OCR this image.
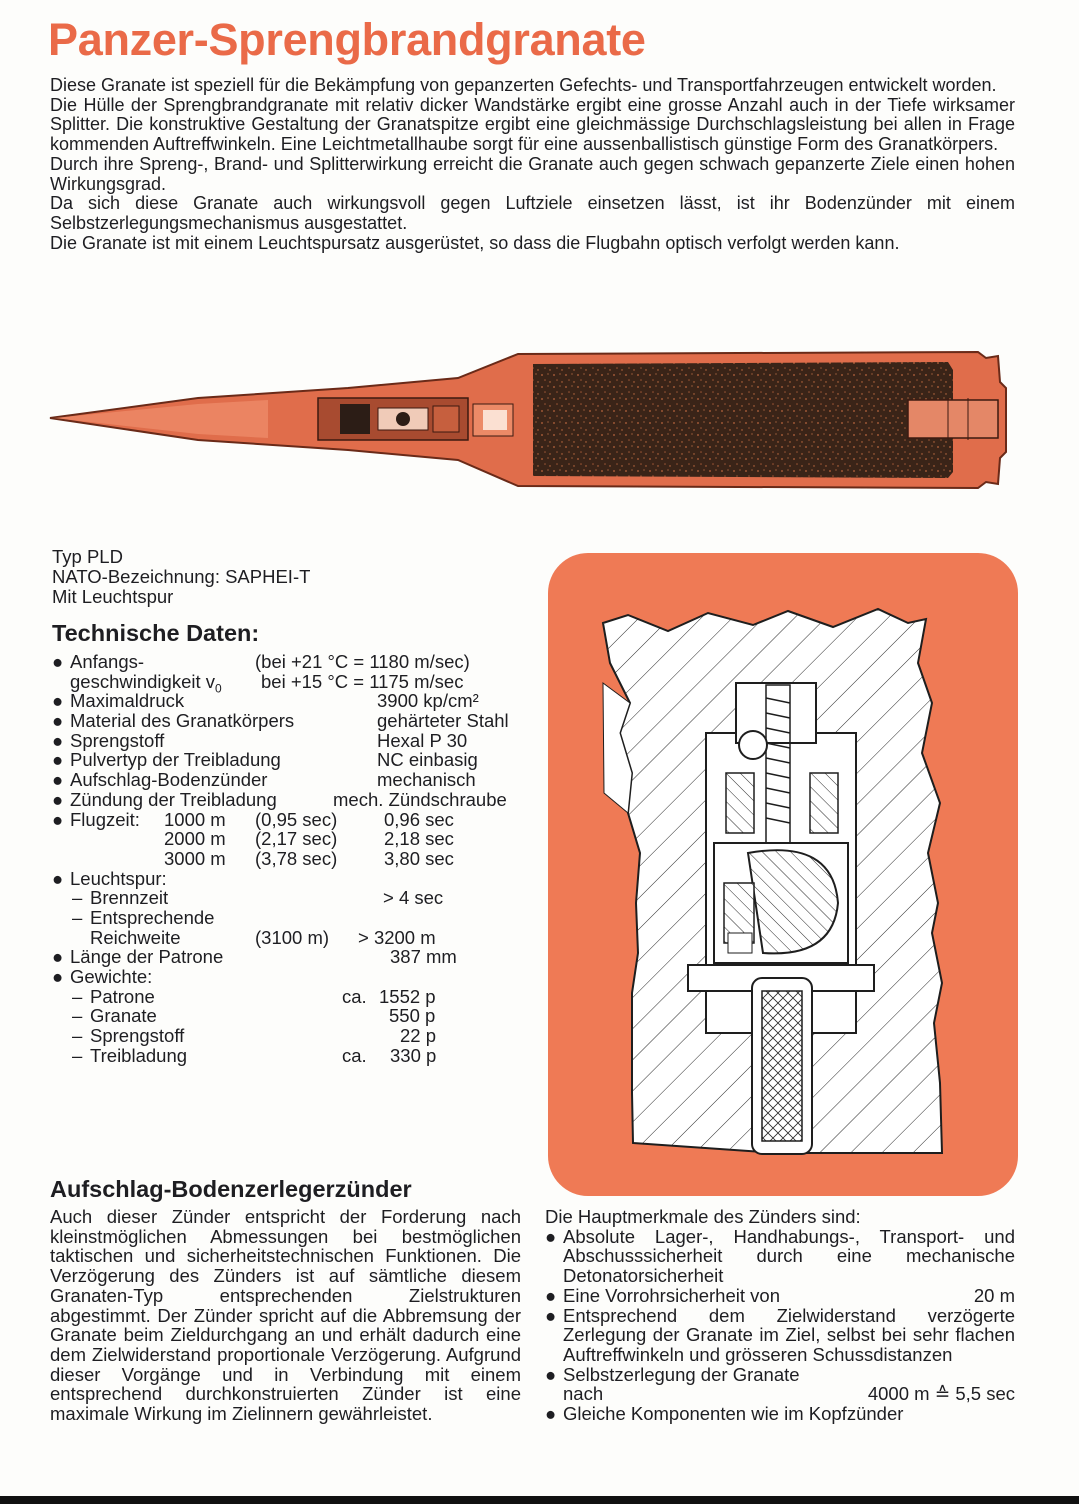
Panzer-Sprengbrandgranate

Diese Granate ist speziell für die Bekämpfung von gepanzerten Gefechts- und Transportfahrzeugen entwickelt worden.

Die Hülle der Sprengbrandgranate mit relativ dicker Wandstärke ergibt eine grosse Anzahl auch in der Tiefe wirksamer Splitter. Die konstruktive Gestaltung der Granatspitze ergibt eine gleichmässige Durchschlagsleistung bei allen in Frage kommenden Auftreffwinkeln. Eine Leichtmetallhaube sorgt für eine aussenballistisch günstige Form des Granatkörpers.

Durch ihre Spreng-, Brand- und Splitterwirkung erreicht die Granate auch gegen schwach gepanzerte Ziele einen hohen Wirkungsgrad.

Da sich diese Granate auch wirkungsvoll gegen Luftziele einsetzen lässt, ist ihr Bodenzünder mit einem Selbstzerlegungsmechanismus ausgestattet.

Die Granate ist mit einem Leuchtspursatz ausgerüstet, so dass die Flugbahn optisch verfolgt werden kann.

Typ PLD
NATO-Bezeichnung: SAPHEI-T
Mit Leuchtspur
Technische Daten:
● Anfangs-	(bei +21 °C = 1180 m/sec)
geschwindigkeit $v_0$ bei +15 °C = 1175 m/sec
● Maximaldruck	3900 kp/cm²
● Material des Granatkörpers	gehärteter Stahl
● Sprengstoff	Hexal P 30
● Pulvertyp der Treibladung	NC einbasig
● Aufschlag-Bodenzünder	mechanisch
● Zündung der Treibladung	mech. Zündschraube
● Flugzeit: 1000 m (0,95 sec)	0,96 sec
2000 m (2,17 sec)	2,18 sec
3000 m (3,78 sec)	3,80 sec
● Leuchtspur:
– Brennzeit	> 4 sec
– Entsprechende
Reichweite	(3100 m) > 3200 m
● Länge der Patrone	387 mm
● Gewichte:
– Patrone	ca. 1552 p
– Granate	550 p
– Sprengstoff	22 p
– Treibladung	ca. 330 p
Aufschlag-Bodenzerlegerzünder

Auch dieser Zünder entspricht der Forderung nach kleinstmöglichen Abmessungen bei bestmöglichen taktischen und sicherheitstechnischen Funktionen. Die Verzögerung des Zünders ist auf sämtliche diesem Granaten-Typ entsprechenden Zielstrukturen abgestimmt. Der Zünder spricht auf die Abbremsung der Granate beim Zieldurchgang an und erhält dadurch eine dem Zielwiderstand proportionale Verzögerung. Aufgrund dieser Vorgänge und in Verbindung mit einem entsprechend durchkonstruierten Zünder ist eine maximale Wirkung im Zielinnern gewährleistet.

Die Hauptmerkmale des Zünders sind:

● Absolute Lager-, Handhabungs-, Transport- und Abschusssicherheit durch eine mechanische Detonatorsicherheit
● Eine Vorrohrsicherheit von	20 m
● Entsprechend dem Zielwiderstand verzögerte Zerlegung der Granate im Ziel, selbst bei sehr flachen Auftreffwinkeln und grösseren Schussdistanzen
● Selbstzerlegung der Granate
nach	4000 m ≙ 5,5 sec
● Gleiche Komponenten wie im Kopfzünder
